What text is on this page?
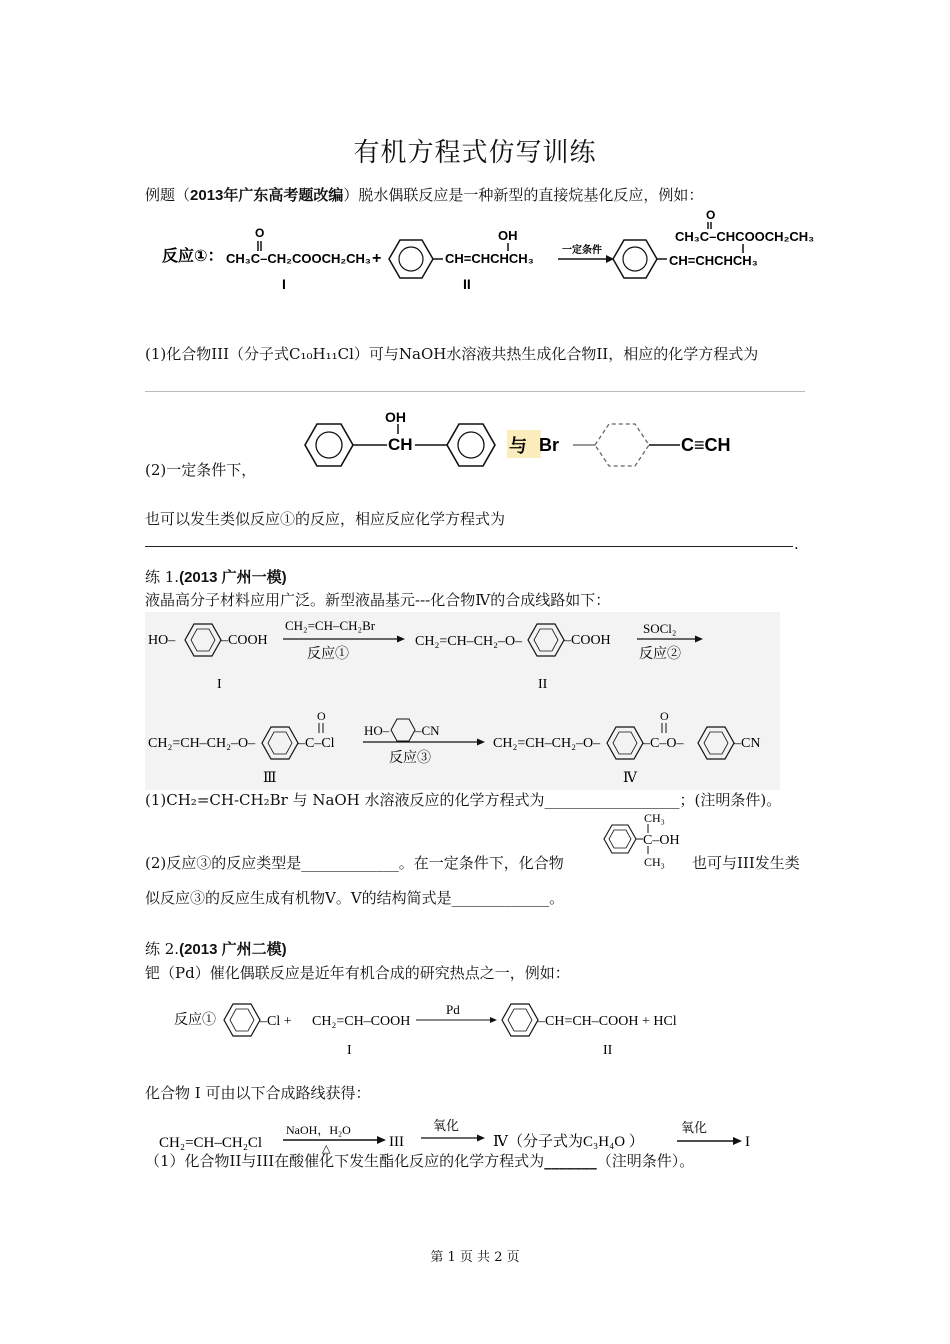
有机方程式仿写训练
例题（2013年广东高考题改编）脱水偶联反应是一种新型的直接烷基化反应，例如：
反应①：
O
CH₃C–CH₂COOCH₂CH₃ +	CH=CHCHCH₃
OH
一定条件
CH=CHCHCH₃
O
CH₃C–CHCOOCH₂CH₃
I	II
(1)化合物III（分子式C₁₀H₁₁Cl）可与NaOH水溶液共热生成化合物II，相应的化学方程式为
OH
CH	与 Br	C≡CH
(2)一定条件下，
也可以发生类似反应①的反应，相应反应化学方程式为
.
练 1.(2013 广州一模)
液晶高分子材料应用广泛。新型液晶基元---化合物Ⅳ的合成线路如下：
HO–	–COOH
CH₂=CH–CH₂Br
反应①
CH₂=CH–CH₂–O–	–COOH
SOCl₂
反应②
I	II
CH₂=CH–CH₂–O–	–C–Cl
O
HO– –CN
反应③
CH₂=CH–CH₂–O–	–C–O–
O
–CN
Ⅲ	Ⅳ
(1)CH₂=CH-CH₂Br 与 NaOH 水溶液反应的化学方程式为__________________；(注明条件)。
(2)反应③的反应类型是_____________。在一定条件下，化合物
CH₃
C–OH
CH₃ 也可与III发生类
似反应③的反应生成有机物Ⅴ。Ⅴ的结构简式是_____________。
练 2.(2013 广州二模)
钯（Pd）催化偶联反应是近年有机合成的研究热点之一，例如：
反应①	–Cl + CH₂=CH–COOH
Pd
–CH=CH–COOH + HCl
I	II
化合物 I 可由以下合成路线获得：
CH₂=CH–CH₂Cl
NaOH，H₂O
△	III
氧化
Ⅳ（分子式为C₃H₄O ）
氧化
I
（1）化合物II与III在酸催化下发生酯化反应的化学方程式为_______（注明条件）。
第 1 页 共 2 页
